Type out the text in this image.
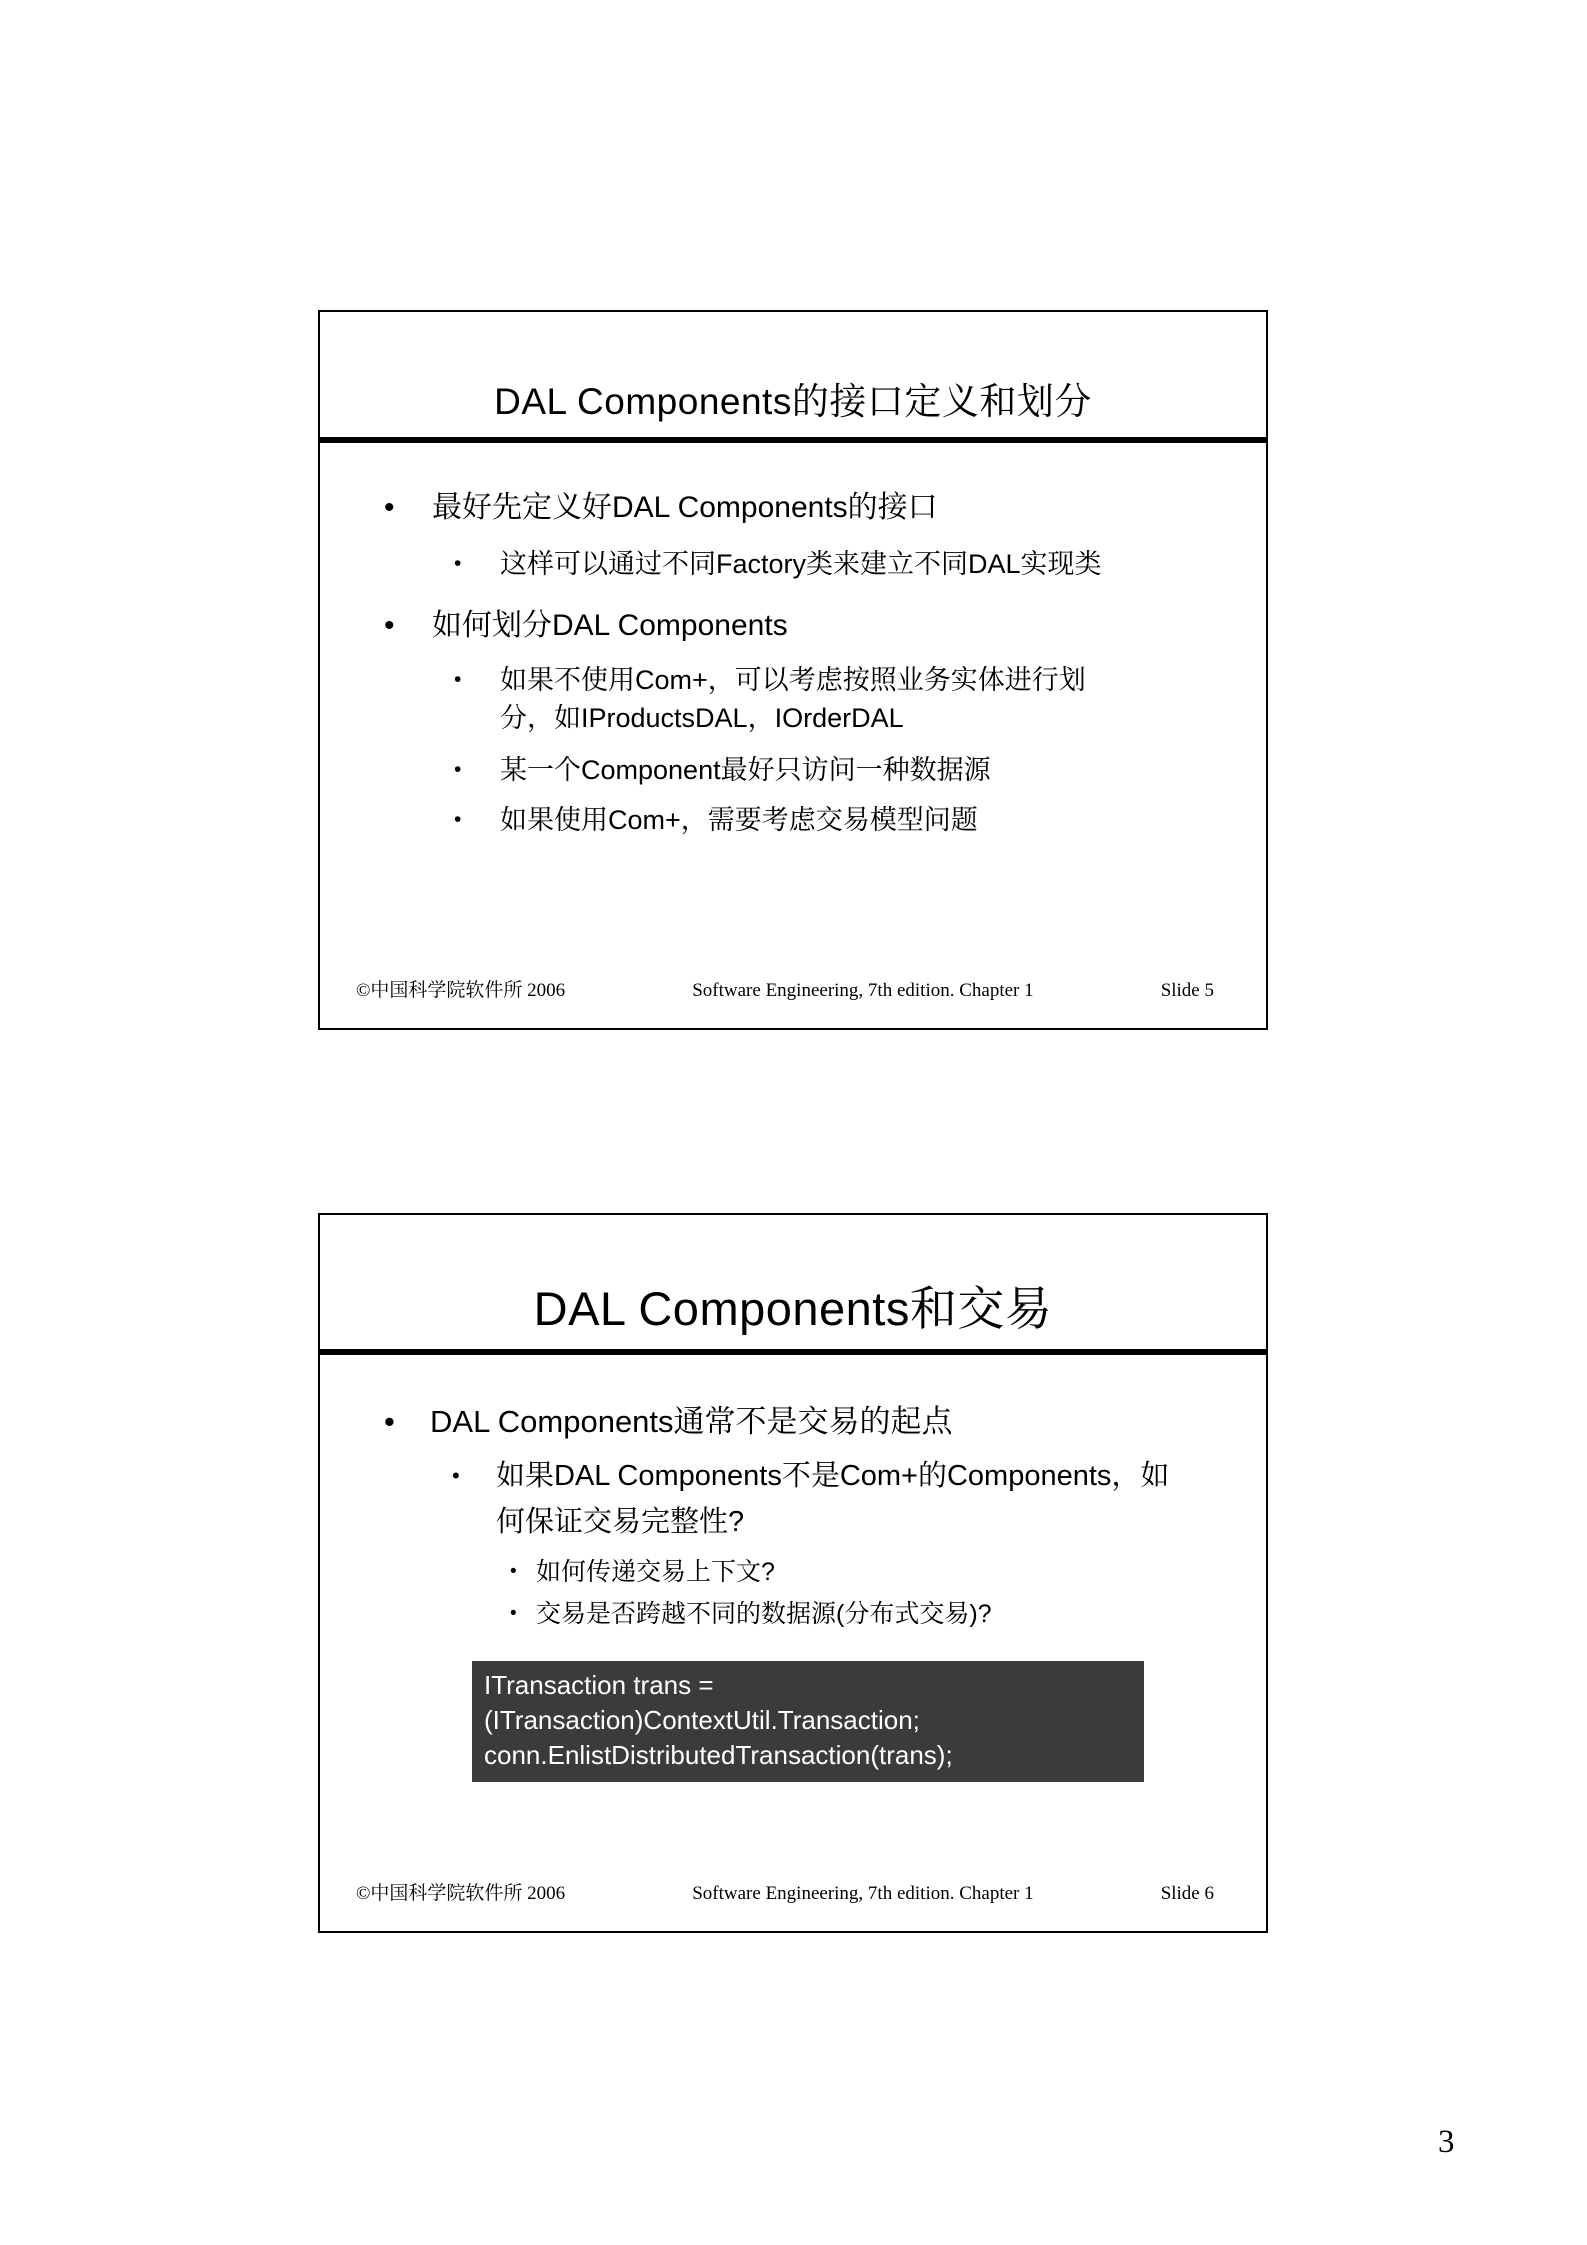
DAL Components的接口定义和划分
•	最好先定义好DAL Components的接口
•	这样可以通过不同Factory类来建立不同DAL实现类
•	如何划分DAL Components
•	如果不使用Com+，可以考虑按照业务实体进行划分，如IProductsDAL，IOrderDAL
•	某一个Component最好只访问一种数据源
•	如果使用Com+，需要考虑交易模型问题
©中国科学院软件所 2006	Software Engineering, 7th edition. Chapter 1	Slide 5
DAL Components和交易
•	DAL Components通常不是交易的起点
•	如果DAL Components不是Com+的Components，如何保证交易完整性?
• 如何传递交易上下文?
• 交易是否跨越不同的数据源(分布式交易)?
ITransaction trans = (ITransaction)ContextUtil.Transaction;
conn.EnlistDistributedTransaction(trans);
©中国科学院软件所 2006	Software Engineering, 7th edition. Chapter 1	Slide 6
3
